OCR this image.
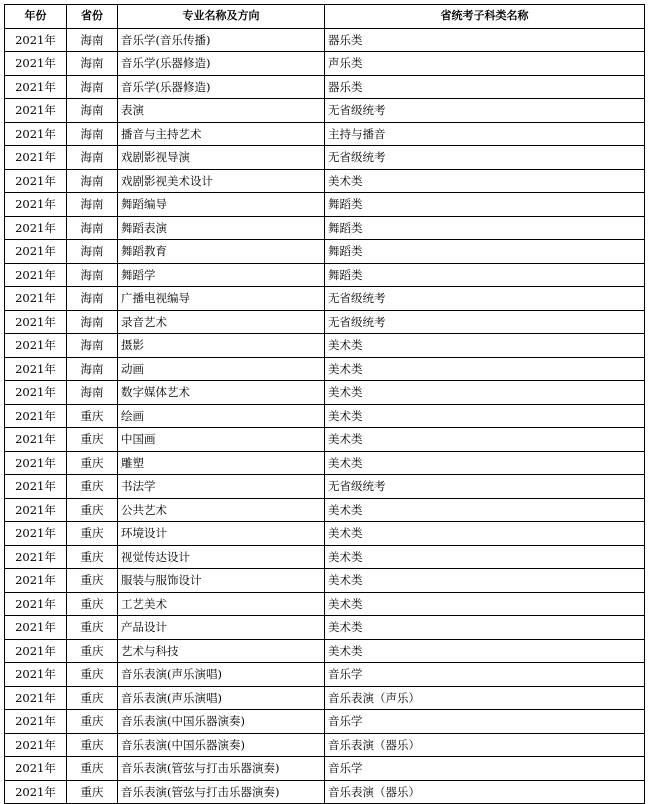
年份	省份	专业名称及方向	省统考子科类名称
2021年	海南	音乐学(音乐传播)	器乐类
2021年	海南	音乐学(乐器修造)	声乐类
2021年	海南	音乐学(乐器修造)	器乐类
2021年	海南	表演	无省级统考
2021年	海南	播音与主持艺术	主持与播音
2021年	海南	戏剧影视导演	无省级统考
2021年	海南	戏剧影视美术设计	美术类
2021年	海南	舞蹈编导	舞蹈类
2021年	海南	舞蹈表演	舞蹈类
2021年	海南	舞蹈教育	舞蹈类
2021年	海南	舞蹈学	舞蹈类
2021年	海南	广播电视编导	无省级统考
2021年	海南	录音艺术	无省级统考
2021年	海南	摄影	美术类
2021年	海南	动画	美术类
2021年	海南	数字媒体艺术	美术类
2021年	重庆	绘画	美术类
2021年	重庆	中国画	美术类
2021年	重庆	雕塑	美术类
2021年	重庆	书法学	无省级统考
2021年	重庆	公共艺术	美术类
2021年	重庆	环境设计	美术类
2021年	重庆	视觉传达设计	美术类
2021年	重庆	服装与服饰设计	美术类
2021年	重庆	工艺美术	美术类
2021年	重庆	产品设计	美术类
2021年	重庆	艺术与科技	美术类
2021年	重庆	音乐表演(声乐演唱)	音乐学
2021年	重庆	音乐表演(声乐演唱)	音乐表演（声乐）
2021年	重庆	音乐表演(中国乐器演奏)	音乐学
2021年	重庆	音乐表演(中国乐器演奏)	音乐表演（器乐）
2021年	重庆	音乐表演(管弦与打击乐器演奏)	音乐学
2021年	重庆	音乐表演(管弦与打击乐器演奏)	音乐表演（器乐）
